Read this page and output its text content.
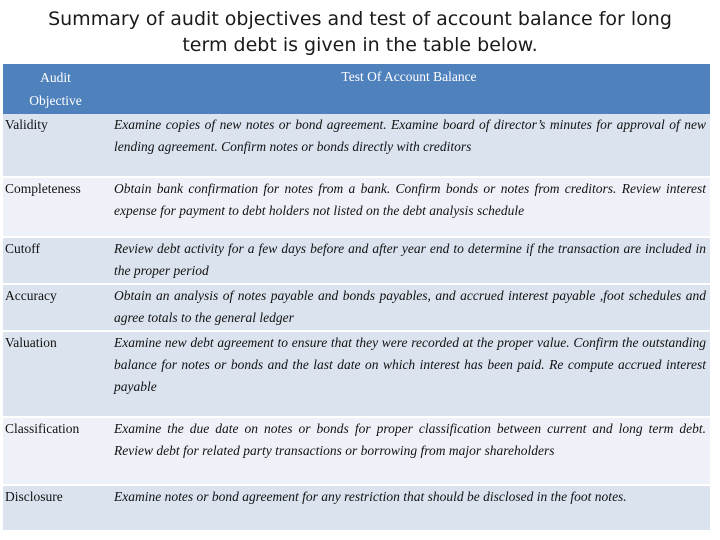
Summary of audit objectives and test of account balance for long
term debt is given in the table below.
Audit
Objective	Test Of Account Balance
Validity	Examine copies of new notes or bond agreement. Examine board of director’s minutes for approval of new lending agreement. Confirm notes or bonds directly with creditors
Completeness	Obtain bank confirmation for notes from a bank. Confirm bonds or notes from creditors. Review interest expense for payment to debt holders not listed on the debt analysis schedule
Cutoff	Review debt activity for a few days before and after year end to determine if the transaction are included in the proper period
Accuracy	Obtain an analysis of notes payable and bonds payables, and accrued interest payable ,foot schedules and agree totals to the general ledger
Valuation	Examine new debt agreement to ensure that they were recorded at the proper value. Confirm the outstanding balance for notes or bonds and the last date on which interest has been paid. Re compute accrued interest payable
Classification	Examine the due date on notes or bonds for proper classification between current and long term debt. Review debt for related party transactions or borrowing from major shareholders
Disclosure	Examine notes or bond agreement for any restriction that should be disclosed in the foot notes.
